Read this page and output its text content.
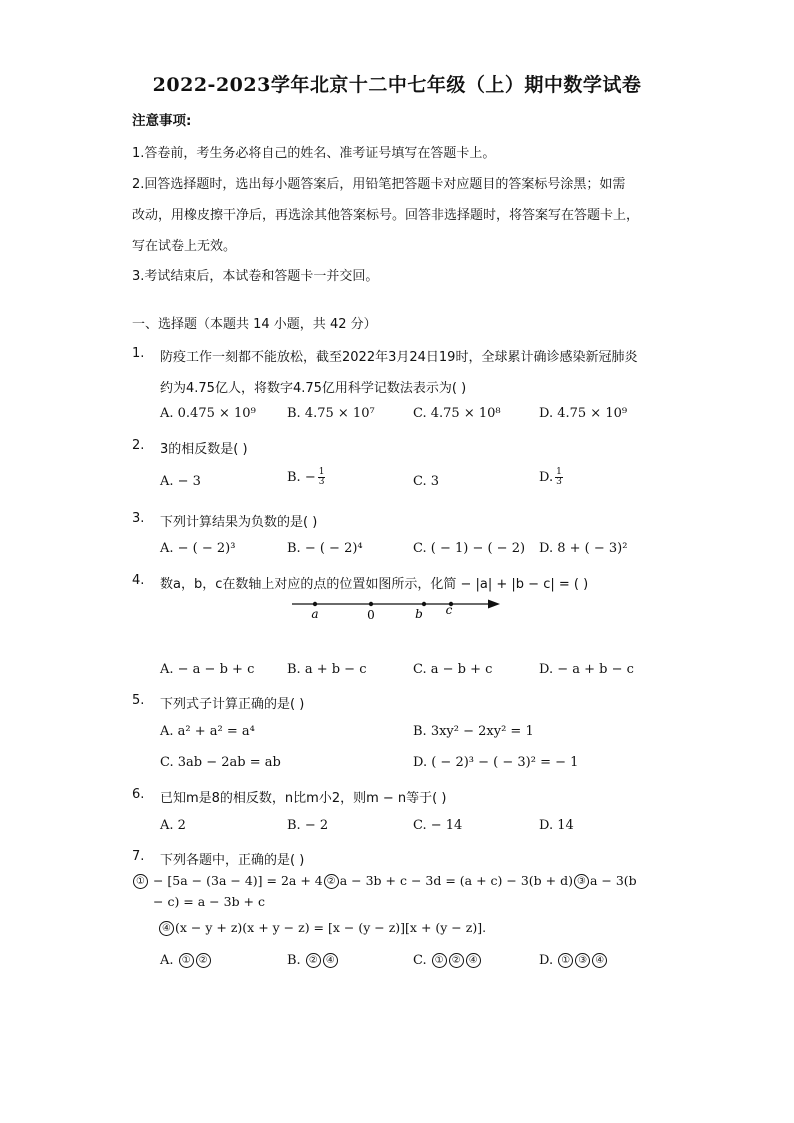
2022-2023学年北京十二中七年级（上）期中数学试卷
注意事项:
1.答卷前，考生务必将自己的姓名、准考证号填写在答题卡上。
2.回答选择题时，选出每小题答案后，用铅笔把答题卡对应题目的答案标号涂黑；如需
改动，用橡皮擦干净后，再选涂其他答案标号。回答非选择题时，将答案写在答题卡上，
写在试卷上无效。
3.考试结束后，本试卷和答题卡一并交回。
一、选择题（本题共 14 小题，共 42 分）
1. 防疫工作一刻都不能放松，截至2022年3月24日19时，全球累计确诊感染新冠肺炎
约为4.75亿人，将数字4.75亿用科学记数法表示为( )
A. 0.475 × 10⁹ B. 4.75 × 10⁷	C. 4.75 × 10⁸	D. 4.75 × 10⁹
2. 3的相反数是( )
A. − 3	B. − $\frac{1}{3}$	C. 3	D. $\frac{1}{3}$
3. 下列计算结果为负数的是( )
A. − ( − 2)³	B. − ( − 2)⁴	C. ( − 1) − ( − 2) D. 8 + ( − 3)²
4. 数a，b，c在数轴上对应的点的位置如图所示，化简 − |a| + |b − c| = ( )
a	0	b c
A. − a − b + c	B. a + b − c	C. a − b + c	D. − a + b − c
5. 下列式子计算正确的是( )
A. a² + a² = a⁴	B. 3xy² − 2xy² = 1
C. 3ab − 2ab = ab	D. ( − 2)³ − ( − 3)² = − 1
6. 已知m是8的相反数，n比m小2，则m − n等于( )
A. 2	B. − 2	C. − 14	D. 14
7. 下列各题中，正确的是( )
① − [5a − (3a − 4)] = 2a + 4 ② a − 3b + c − 3d = (a + c) − 3(b + d) ③ a − 3(b
− c) = a − 3b + c
④ (x − y + z)(x + y − z) = [x − (y − z)][x + (y − z)].
A. ① ②	B. ② ④	C. ① ② ④	D. ① ③ ④
